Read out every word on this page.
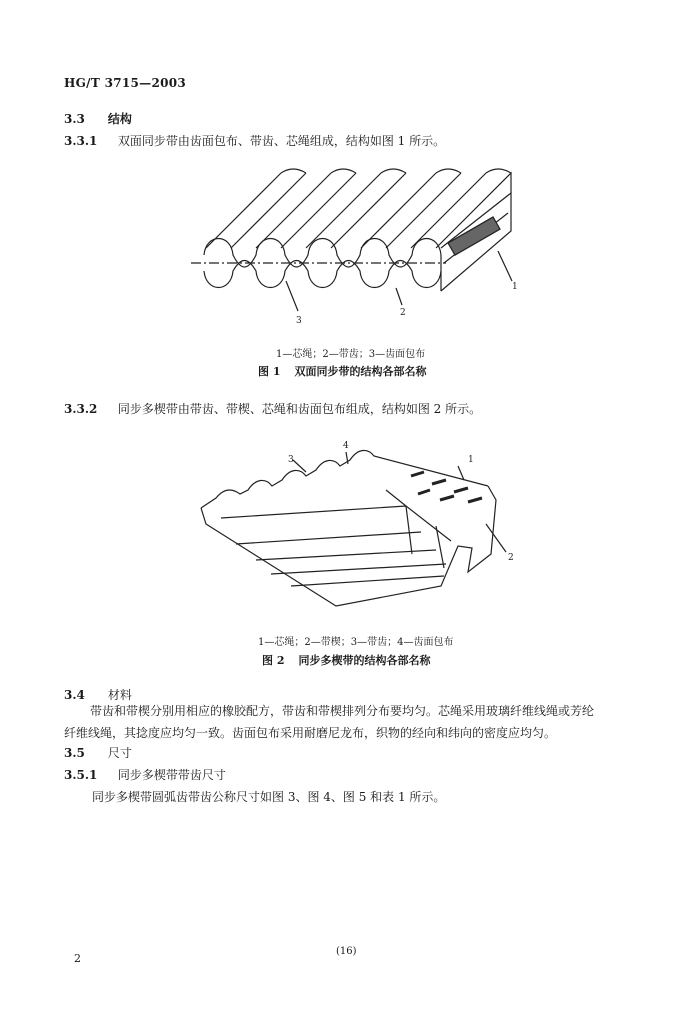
HG/T 3715—2003
3.3 结构
3.3.1 双面同步带由齿面包布、带齿、芯绳组成，结构如图 1 所示。
1
2
3
1—芯绳；2—带齿；3—齿面包布
图 1 双面同步带的结构各部名称
3.3.2 同步多楔带由带齿、带楔、芯绳和齿面包布组成，结构如图 2 所示。
1
2
3
4
1—芯绳；2—带楔；3—带齿；4—齿面包布
图 2 同步多楔带的结构各部名称
3.4 材料
带齿和带楔分别用相应的橡胶配方，带齿和带楔排列分布要均匀。芯绳采用玻璃纤维线绳或芳纶
纤维线绳，其捻度应均匀一致。齿面包布采用耐磨尼龙布，织物的经向和纬向的密度应均匀。
3.5 尺寸
3.5.1 同步多楔带带齿尺寸
同步多楔带圆弧齿带齿公称尺寸如图 3、图 4、图 5 和表 1 所示。
2
(16)
